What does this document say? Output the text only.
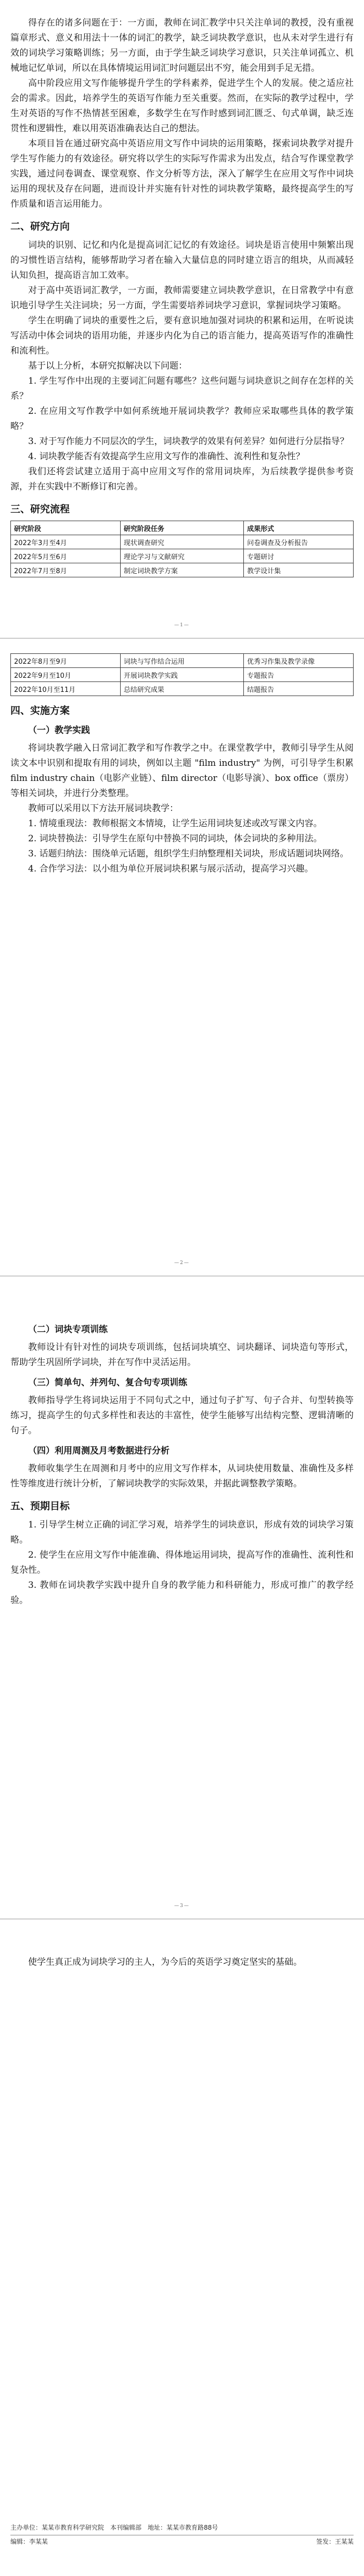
得存在的诸多问题在于：一方面，教师在词汇教学中只关注单词的教授，没有重视篇章形式、意义和用法十一体的词汇的教学，缺乏词块教学意识，也从未对学生进行有效的词块学习策略训练；另一方面，由于学生缺乏词块学习意识，只关注单词孤立、机械地记忆单词，所以在具体情境运用词汇时问题层出不穷，能会用到手足无措。

高中阶段应用文写作能够提升学生的学科素养，促进学生个人的发展。使之适应社会的需求。因此，培养学生的英语写作能力至关重要。然而，在实际的教学过程中，学生对英语的写作不热情甚至困难，多数学生在写作时感到词汇匮乏、句式单调，缺乏连贯性和逻辑性，难以用英语准确表达自己的想法。

本项目旨在通过研究高中英语应用文写作中词块的运用策略，探索词块教学对提升学生写作能力的有效途径。研究将以学生的实际写作需求为出发点，结合写作课堂教学实践，通过问卷调查、课堂观察、作文分析等方法，深入了解学生在应用文写作中词块运用的现状及存在问题，进而设计并实施有针对性的词块教学策略，最终提高学生的写作质量和语言运用能力。

二、研究方向

词块的识别、记忆和内化是提高词汇记忆的有效途径。词块是语言使用中频繁出现的习惯性语言结构，能够帮助学习者在输入大量信息的同时建立语言的组块，从而减轻认知负担，提高语言加工效率。

对于高中英语词汇教学，一方面，教师需要建立词块教学意识，在日常教学中有意识地引导学生关注词块；另一方面，学生需要培养词块学习意识，掌握词块学习策略。

学生在明确了词块的重要性之后，要有意识地加强对词块的积累和运用，在听说读写活动中体会词块的语用功能，并逐步内化为自己的语言能力，提高英语写作的准确性和流利性。

基于以上分析，本研究拟解决以下问题：

1. 学生写作中出现的主要词汇问题有哪些？这些问题与词块意识之间存在怎样的关系？

2. 在应用文写作教学中如何系统地开展词块教学？教师应采取哪些具体的教学策略？

3. 对于写作能力不同层次的学生，词块教学的效果有何差异？如何进行分层指导？

4. 词块教学能否有效提高学生应用文写作的准确性、流利性和复杂性？

我们还将尝试建立适用于高中应用文写作的常用词块库，为后续教学提供参考资源，并在实践中不断修订和完善。

三、研究流程
研究阶段	研究阶段任务	成果形式
2022年3月至4月	现状调查研究	问卷调查及分析报告
2022年5月至6月	理论学习与文献研究	专题研讨
2022年7月至8月	制定词块教学方案	教学设计集
—1—
2022年8月至9月	词块与写作结合运用	优秀习作集及教学录像
2022年9月至10月	开展词块教学实践	专题报告
2022年10月至11月	总结研究成果	结题报告
四、实施方案
（一）教学实践

将词块教学融入日常词汇教学和写作教学之中。在课堂教学中，教师引导学生从阅读文本中识别和提取有用的词块，例如以主题 "film industry" 为例，可引导学生积累 film industry chain（电影产业链）、film director（电影导演）、box office（票房）等相关词块，并进行分类整理。

教师可以采用以下方法开展词块教学：

1. 情境重现法：教师根据文本情境，让学生运用词块复述或改写课文内容。

2. 词块替换法：引导学生在原句中替换不同的词块，体会词块的多种用法。

3. 话题归纳法：围绕单元话题，组织学生归纳整理相关词块，形成话题词块网络。

4. 合作学习法：以小组为单位开展词块积累与展示活动，提高学习兴趣。

—2—
（二）词块专项训练

教师设计有针对性的词块专项训练，包括词块填空、词块翻译、词块造句等形式，帮助学生巩固所学词块，并在写作中灵活运用。

（三）简单句、并列句、复合句专项训练

教师指导学生将词块运用于不同句式之中，通过句子扩写、句子合并、句型转换等练习，提高学生的句式多样性和表达的丰富性，使学生能够写出结构完整、逻辑清晰的句子。

（四）利用周测及月考数据进行分析

教师收集学生在周测和月考中的应用文写作样本，从词块使用数量、准确性及多样性等维度进行统计分析，了解词块教学的实际效果，并据此调整教学策略。

五、预期目标

1. 引导学生树立正确的词汇学习观，培养学生的词块意识，形成有效的词块学习策略。

2. 使学生在应用文写作中能准确、得体地运用词块，提高写作的准确性、流利性和复杂性。

3. 教师在词块教学实践中提升自身的教学能力和科研能力，形成可推广的教学经验。

—3—

使学生真正成为词块学习的主人，为今后的英语学习奠定坚实的基础。

主办单位：某某市教育科学研究院　本刊编辑部　地址：某某市教育路88号
编辑：李某某	签发：王某某
